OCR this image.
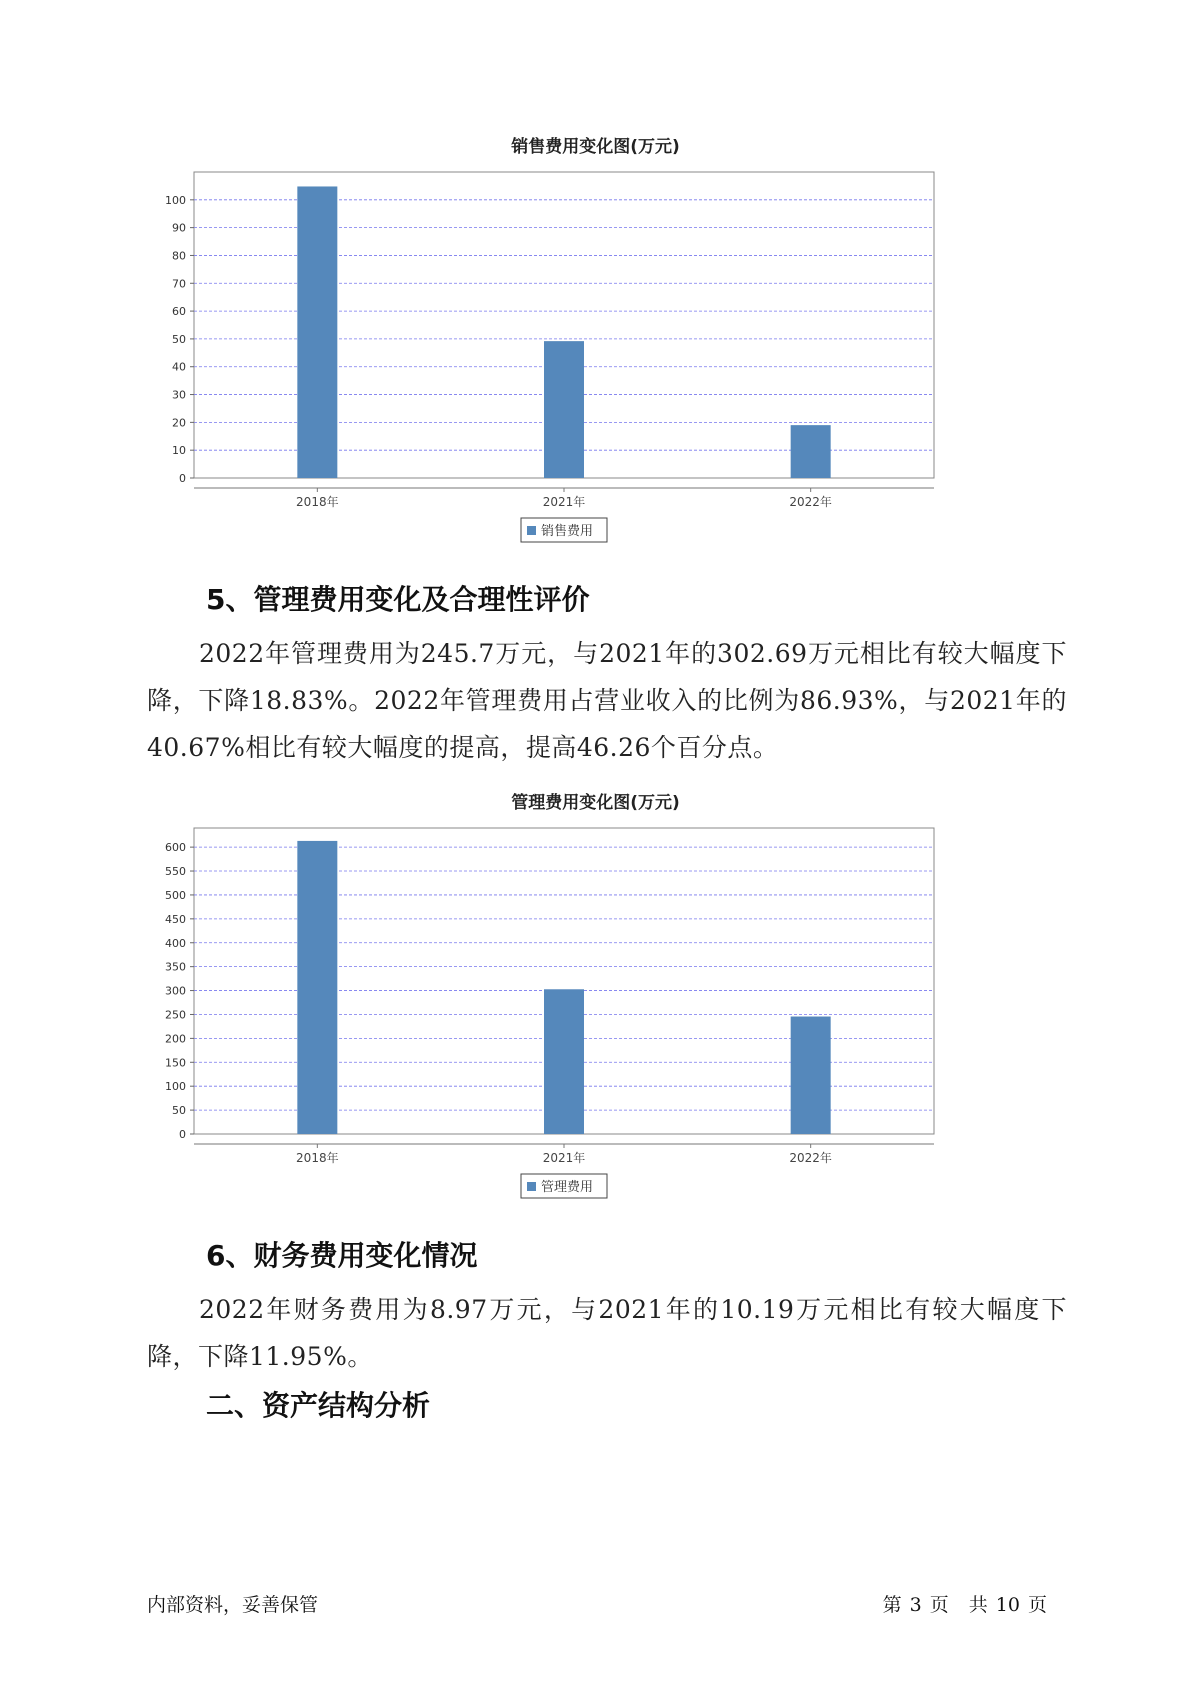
销售费用变化图(万元)
0
10
20
30
40
50
60
70
80
90
100
2018年	2021年	2022年
销售费用
5、管理费用变化及合理性评价
2022年管理费用为245.7万元，与2021年的302.69万元相比有较大幅度下降，下降18.83%。2022年管理费用占营业收入的比例为86.93%，与2021年的40.67%相比有较大幅度的提高，提高46.26个百分点。
管理费用变化图(万元)
0
50
100
150
200
250
300
350
400
450
500
550
600
2018年	2021年	2022年
管理费用
6、财务费用变化情况
2022年财务费用为8.97万元，与2021年的10.19万元相比有较大幅度下降，下降11.95%。
二、资产结构分析
内部资料，妥善保管	第 3 页 共 10 页
